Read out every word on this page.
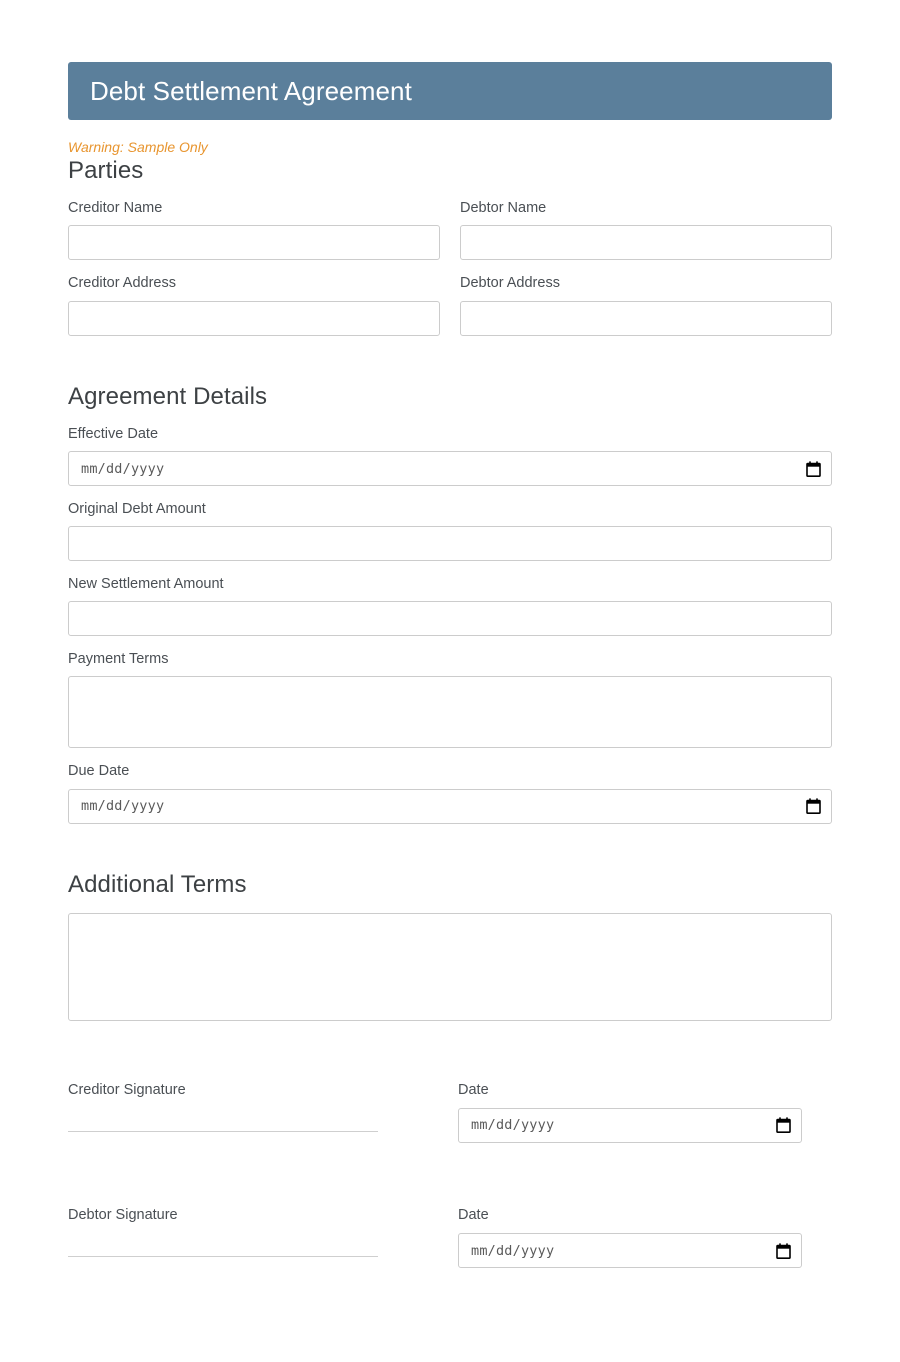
Debt Settlement Agreement
Warning: Sample Only
Parties
Creditor Name	Debtor Name
Creditor Address	Debtor Address
Agreement Details
Effective Date
mm/dd/yyyy
Original Debt Amount
New Settlement Amount
Payment Terms
Due Date
mm/dd/yyyy
Additional Terms
Creditor Signature	Date
mm/dd/yyyy
Debtor Signature	Date
mm/dd/yyyy
